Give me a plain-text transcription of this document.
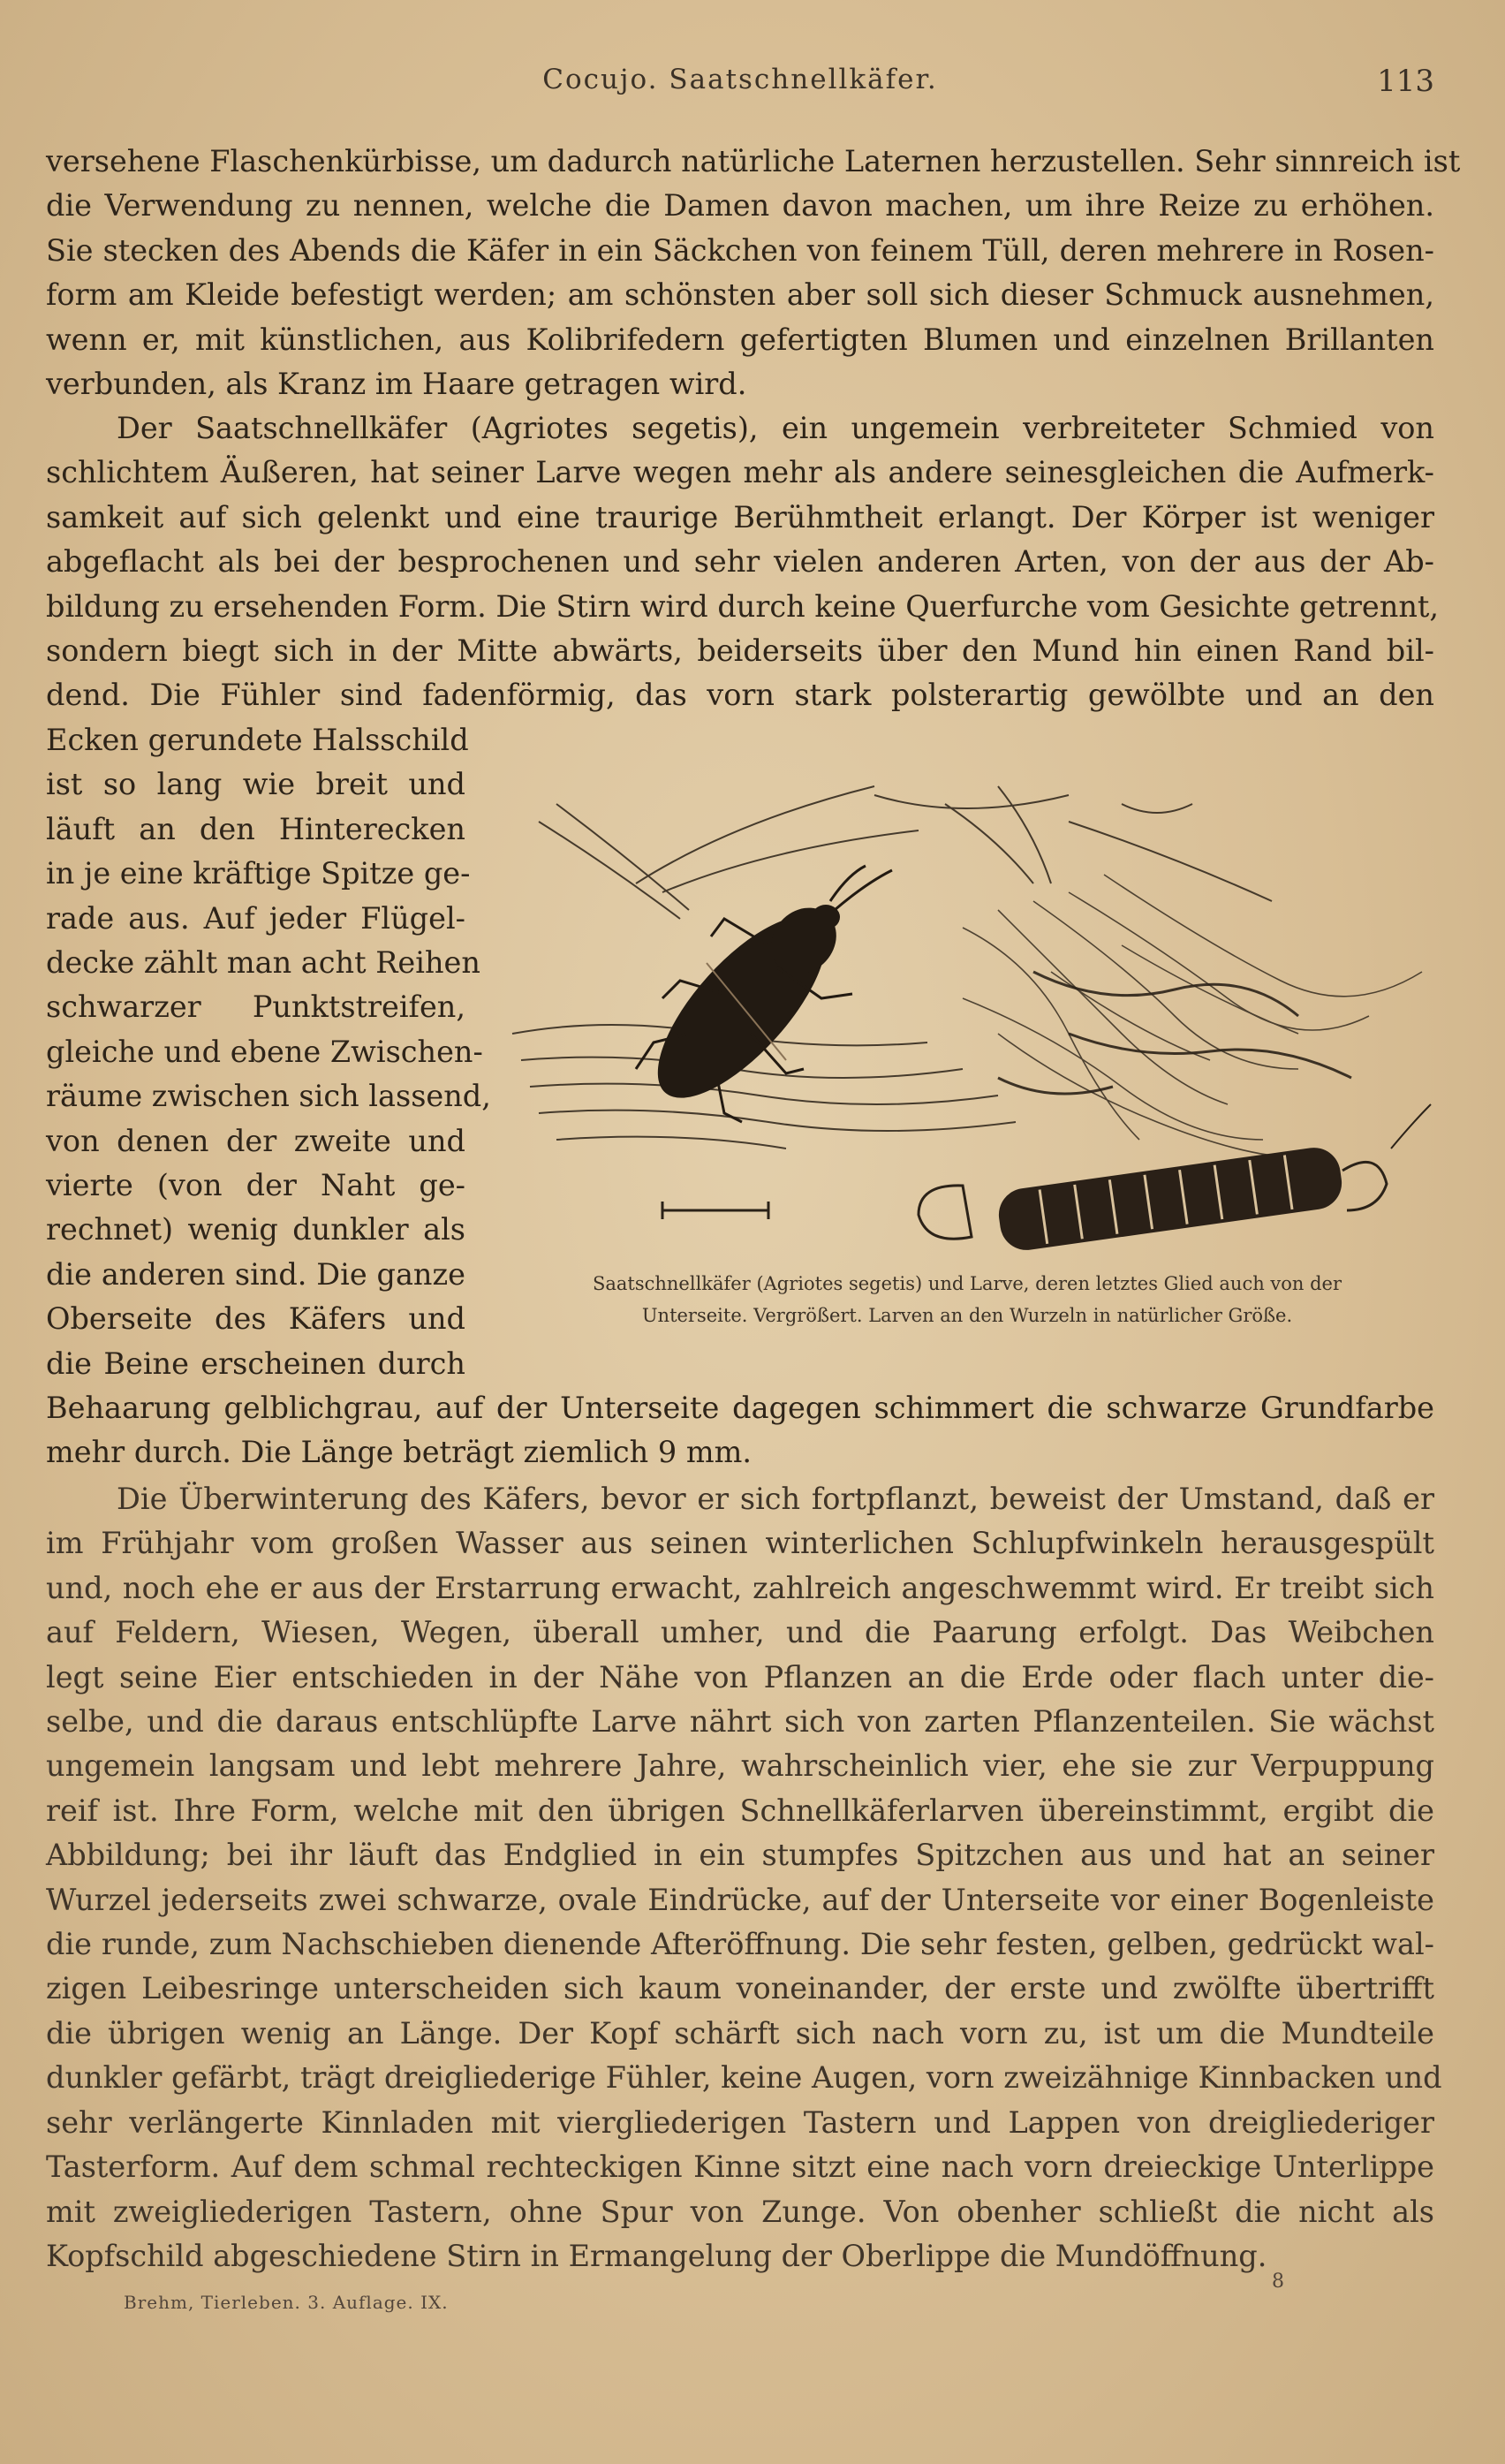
Cocujo. Saatschnellkäfer.	113
versehene Flaschenkürbisse, um dadurch natürliche Laternen herzustellen. Sehr sinnreich ist
die Verwendung zu nennen, welche die Damen davon machen, um ihre Reize zu erhöhen.
Sie stecken des Abends die Käfer in ein Säckchen von feinem Tüll, deren mehrere in Rosen-
form am Kleide befestigt werden; am schönsten aber soll sich dieser Schmuck ausnehmen,
wenn er, mit künstlichen, aus Kolibrifedern gefertigten Blumen und einzelnen Brillanten
verbunden, als Kranz im Haare getragen wird.
Der Saatschnellkäfer (Agriotes segetis), ein ungemein verbreiteter Schmied von
schlichtem Äußeren, hat seiner Larve wegen mehr als andere seinesgleichen die Aufmerk-
samkeit auf sich gelenkt und eine traurige Berühmtheit erlangt. Der Körper ist weniger
abgeflacht als bei der besprochenen und sehr vielen anderen Arten, von der aus der Ab-
bildung zu ersehenden Form. Die Stirn wird durch keine Querfurche vom Gesichte getrennt,
sondern biegt sich in der Mitte abwärts, beiderseits über den Mund hin einen Rand bil-
dend. Die Fühler sind fadenförmig, das vorn stark polsterartig gewölbte und an den
Ecken gerundete Halsschild
ist so lang wie breit und
läuft an den Hinterecken
in je eine kräftige Spitze ge-
rade aus. Auf jeder Flügel-
decke zählt man acht Reihen
schwarzer Punktstreifen,
gleiche und ebene Zwischen-
räume zwischen sich lassend,
von denen der zweite und
vierte (von der Naht ge-
rechnet) wenig dunkler als
die anderen sind. Die ganze
Oberseite des Käfers und
die Beine erscheinen durch
Saatschnellkäfer (Agriotes segetis) und Larve, deren letztes Glied auch von der
Unterseite. Vergrößert. Larven an den Wurzeln in natürlicher Größe.
Behaarung gelblichgrau, auf der Unterseite dagegen schimmert die schwarze Grundfarbe
mehr durch. Die Länge beträgt ziemlich 9 mm.
Die Überwinterung des Käfers, bevor er sich fortpflanzt, beweist der Umstand, daß er
im Frühjahr vom großen Wasser aus seinen winterlichen Schlupfwinkeln herausgespült
und, noch ehe er aus der Erstarrung erwacht, zahlreich angeschwemmt wird. Er treibt sich
auf Feldern, Wiesen, Wegen, überall umher, und die Paarung erfolgt. Das Weibchen
legt seine Eier entschieden in der Nähe von Pflanzen an die Erde oder flach unter die-
selbe, und die daraus entschlüpfte Larve nährt sich von zarten Pflanzenteilen. Sie wächst
ungemein langsam und lebt mehrere Jahre, wahrscheinlich vier, ehe sie zur Verpuppung
reif ist. Ihre Form, welche mit den übrigen Schnellkäferlarven übereinstimmt, ergibt die
Abbildung; bei ihr läuft das Endglied in ein stumpfes Spitzchen aus und hat an seiner
Wurzel jederseits zwei schwarze, ovale Eindrücke, auf der Unterseite vor einer Bogenleiste
die runde, zum Nachschieben dienende Afteröffnung. Die sehr festen, gelben, gedrückt wal-
zigen Leibesringe unterscheiden sich kaum voneinander, der erste und zwölfte übertrifft
die übrigen wenig an Länge. Der Kopf schärft sich nach vorn zu, ist um die Mundteile
dunkler gefärbt, trägt dreigliederige Fühler, keine Augen, vorn zweizähnige Kinnbacken und
sehr verlängerte Kinnladen mit viergliederigen Tastern und Lappen von dreigliederiger
Tasterform. Auf dem schmal rechteckigen Kinne sitzt eine nach vorn dreieckige Unterlippe
mit zweigliederigen Tastern, ohne Spur von Zunge. Von obenher schließt die nicht als
Kopfschild abgeschiedene Stirn in Ermangelung der Oberlippe die Mundöffnung.
Brehm, Tierleben. 3. Auflage. IX.
8
